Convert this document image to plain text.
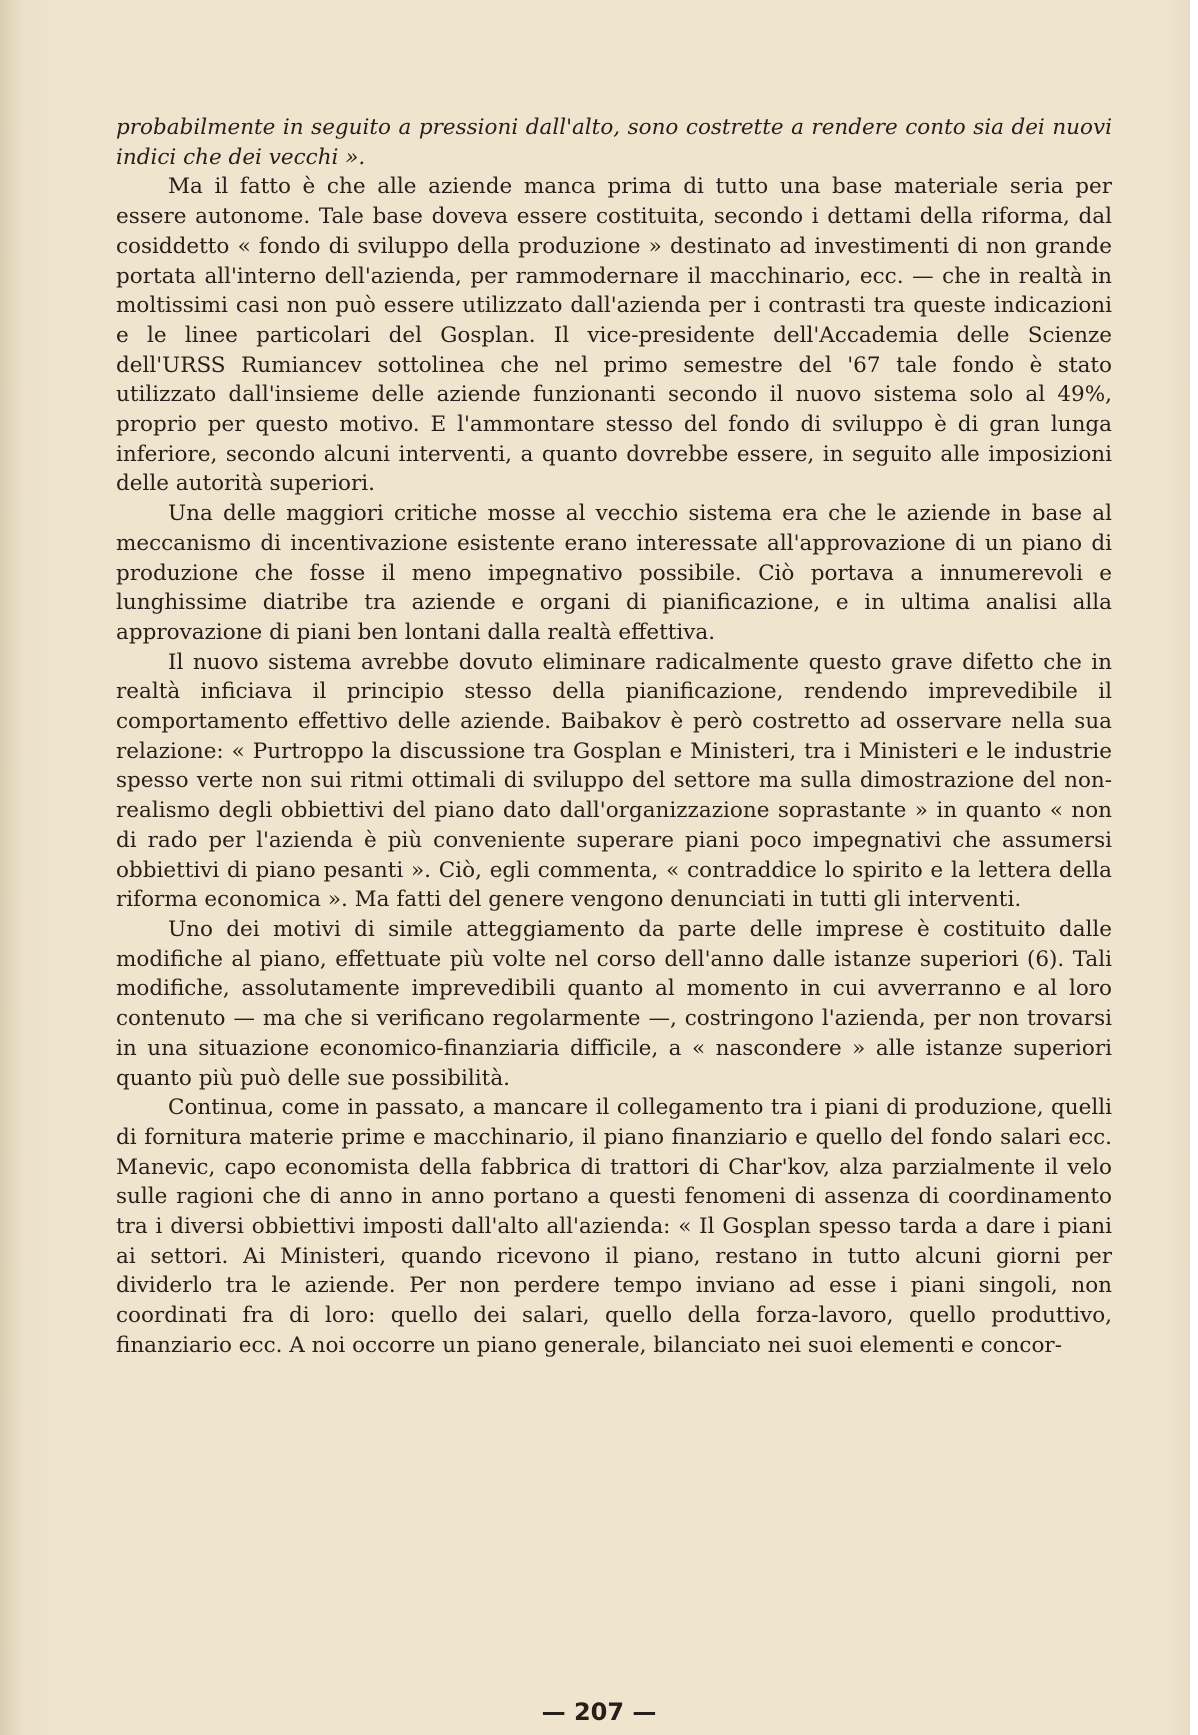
probabilmente in seguito a pressioni dall'alto, sono costrette a rendere conto sia dei nuovi indici che dei vecchi ».

Ma il fatto è che alle aziende manca prima di tutto una base materiale seria per essere autonome. Tale base doveva essere costituita, secondo i dettami della riforma, dal cosiddetto « fondo di sviluppo della produzione » destinato ad investimenti di non grande portata all'interno dell'azienda, per rammodernare il macchinario, ecc. — che in realtà in moltissimi casi non può essere utilizzato dall'azienda per i contrasti tra queste indicazioni e le linee particolari del Gosplan. Il vice-presidente dell'Accademia delle Scienze dell'URSS Rumiancev sottolinea che nel primo semestre del '67 tale fondo è stato utilizzato dall'insieme delle aziende funzionanti secondo il nuovo sistema solo al 49%, proprio per questo motivo. E l'ammontare stesso del fondo di sviluppo è di gran lunga inferiore, secondo alcuni interventi, a quanto dovrebbe essere, in seguito alle imposizioni delle autorità superiori.

Una delle maggiori critiche mosse al vecchio sistema era che le aziende in base al meccanismo di incentivazione esistente erano interessate all'approvazione di un piano di produzione che fosse il meno impegnativo possibile. Ciò portava a innumerevoli e lunghissime diatribe tra aziende e organi di pianificazione, e in ultima analisi alla approvazione di piani ben lontani dalla realtà effettiva.

Il nuovo sistema avrebbe dovuto eliminare radicalmente questo grave difetto che in realtà inficiava il principio stesso della pianificazione, rendendo imprevedibile il comportamento effettivo delle aziende. Baibakov è però costretto ad osservare nella sua relazione: « Purtroppo la discussione tra Gosplan e Ministeri, tra i Ministeri e le industrie spesso verte non sui ritmi ottimali di sviluppo del settore ma sulla dimostrazione del non-realismo degli obbiettivi del piano dato dall'organizzazione soprastante » in quanto « non di rado per l'azienda è più conveniente superare piani poco impegnativi che assumersi obbiettivi di piano pesanti ». Ciò, egli commenta, « contraddice lo spirito e la lettera della riforma economica ». Ma fatti del genere vengono denunciati in tutti gli interventi.

Uno dei motivi di simile atteggiamento da parte delle imprese è costituito dalle modifiche al piano, effettuate più volte nel corso dell'anno dalle istanze superiori (6). Tali modifiche, assolutamente imprevedibili quanto al momento in cui avverranno e al loro contenuto — ma che si verificano regolarmente —, costringono l'azienda, per non trovarsi in una situazione economico-finanziaria difficile, a « nascondere » alle istanze superiori quanto più può delle sue possibilità.

Continua, come in passato, a mancare il collegamento tra i piani di produzione, quelli di fornitura materie prime e macchinario, il piano finanziario e quello del fondo salari ecc. Manevic, capo economista della fabbrica di trattori di Char'kov, alza parzialmente il velo sulle ragioni che di anno in anno portano a questi fenomeni di assenza di coordinamento tra i diversi obbiettivi imposti dall'alto all'azienda: « Il Gosplan spesso tarda a dare i piani ai settori. Ai Ministeri, quando ricevono il piano, restano in tutto alcuni giorni per dividerlo tra le aziende. Per non perdere tempo inviano ad esse i piani singoli, non coordinati fra di loro: quello dei salari, quello della forza-lavoro, quello produttivo, finanziario ecc. A noi occorre un piano generale, bilanciato nei suoi elementi e concor-

— 207 —
